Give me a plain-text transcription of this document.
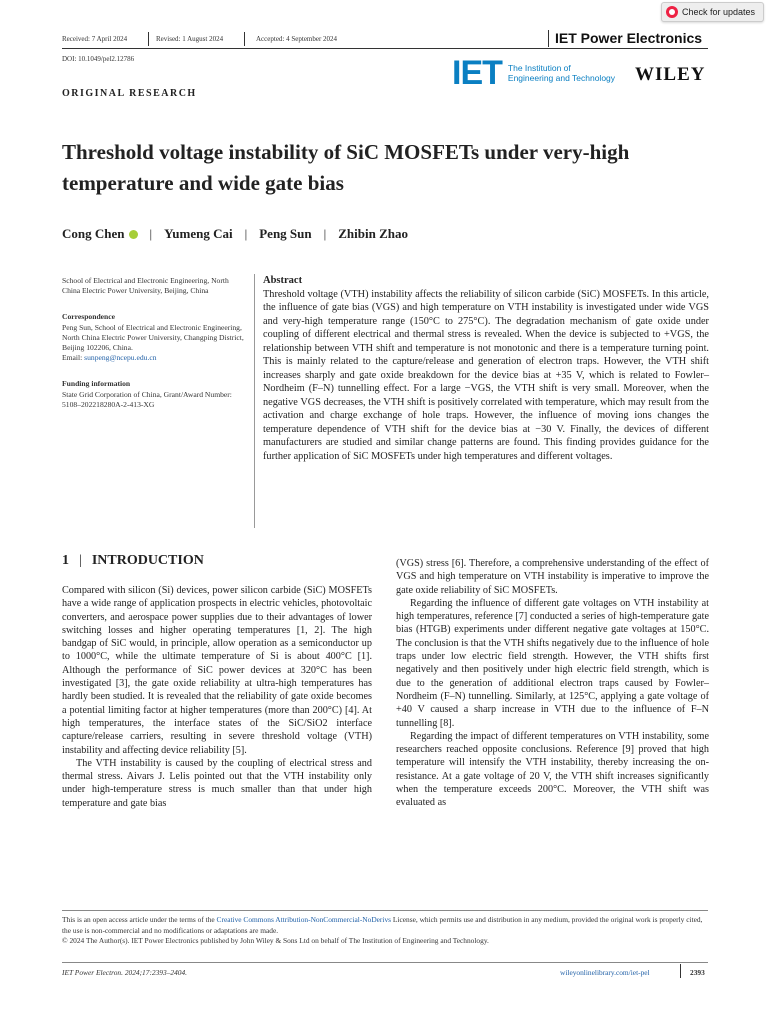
Check for updates
Received: 7 April 2024	Revised: 1 August 2024	Accepted: 4 September 2024	IET Power Electronics
DOI: 10.1049/pel2.12786	IET The Institution of
Engineering and Technology WILEY
ORIGINAL RESEARCH
Threshold voltage instability of SiC MOSFETs under very-high
temperature and wide gate bias
Cong Chen | Yumeng Cai | Peng Sun | Zhibin Zhao
School of Electrical and Electronic Engineering, North China Electric Power University, Beijing, China
Correspondence
Peng Sun, School of Electrical and Electronic Engineering, North China Electric Power University, Changping District, Beijing 102206, China.
Email: sunpeng@ncepu.edu.cn
Funding information
State Grid Corporation of China, Grant/Award Number: 5108–202218280A-2-413-XG
Abstract
Threshold voltage (VTH) instability affects the reliability of silicon carbide (SiC) MOSFETs. In this article, the influence of gate bias (VGS) and high temperature on VTH instability is investigated under wide VGS and very-high temperature range (150°C to 275°C). The degradation mechanism of gate oxide under coupling of different electrical and thermal stress is revealed. When the device is subjected to +VGS, the relationship between VTH shift and temperature is not monotonic and there is a temperature turning point. This is mainly related to the capture/release and generation of electron traps. However, the VTH shift increases sharply and gate oxide breakdown for the device bias at +35 V, which is related to Fowler–Nordheim (F–N) tunnelling effect. For a large −VGS, the VTH shift is very small. Moreover, when the negative VGS decreases, the VTH shift is positively correlated with temperature, which may result from the activation and charge exchange of hole traps. However, the influence of moving ions changes the temperature dependence of VTH shift for the device bias at −30 V. Finally, the devices of different manufacturers are studied and similar change patterns are found. This finding provides guidance for the further application of SiC MOSFETs under high temperatures and different voltages.
1 | INTRODUCTION

Compared with silicon (Si) devices, power silicon carbide (SiC) MOSFETs have a wide range of application prospects in electric vehicles, photovoltaic converters, and aerospace power supplies due to their advantages of lower switching losses and higher operating temperatures [1, 2]. The high bandgap of SiC would, in principle, allow operation as a semiconductor up to 1000°C, while the ultimate temperature of Si is about 400°C [1]. Although the performance of SiC power devices at 320°C has been investigated [3], the gate oxide reliability at ultra-high temperatures has hardly been studied. It is revealed that the reliability of gate oxide becomes a potential limiting factor at higher temperatures (more than 200°C) [4]. At high temperatures, the interface states of the SiC/SiO2 interface capture/release carriers, resulting in severe threshold voltage (VTH) instability and affecting device reliability [5].

The VTH instability is caused by the coupling of electrical stress and thermal stress. Aivars J. Lelis pointed out that the VTH instability only under high-temperature stress is much smaller than that under high temperature and gate bias

(VGS) stress [6]. Therefore, a comprehensive understanding of the effect of VGS and high temperature on VTH instability is imperative to improve the gate oxide reliability of SiC MOSFETs.

Regarding the influence of different gate voltages on VTH instability at high temperatures, reference [7] conducted a series of high-temperature gate bias (HTGB) experiments under different negative gate voltages at 150°C. The conclusion is that the VTH shifts negatively due to the influence of hole traps under low electric field strength. However, the VTH shifts first negatively and then positively under high electric field strength, which is due to the generation of additional electron traps caused by Fowler–Nordheim (F–N) tunnelling. Similarly, at 125°C, applying a gate voltage of +40 V caused a sharp increase in VTH due to the influence of F–N tunnelling [8].

Regarding the impact of different temperatures on VTH instability, some researchers reached opposite conclusions. Reference [9] proved that high temperature will intensify the VTH instability, thereby increasing the on-resistance. At a gate voltage of 20 V, the VTH shift increases significantly when the temperature exceeds 200°C. Moreover, the VTH shift was evaluated as

This is an open access article under the terms of the Creative Commons Attribution-NonCommercial-NoDerivs License, which permits use and distribution in any medium, provided the original work is properly cited, the use is non-commercial and no modifications or adaptations are made.
© 2024 The Author(s). IET Power Electronics published by John Wiley & Sons Ltd on behalf of The Institution of Engineering and Technology.
IET Power Electron. 2024;17:2393–2404.	wileyonlinelibrary.com/iet-pel	2393
